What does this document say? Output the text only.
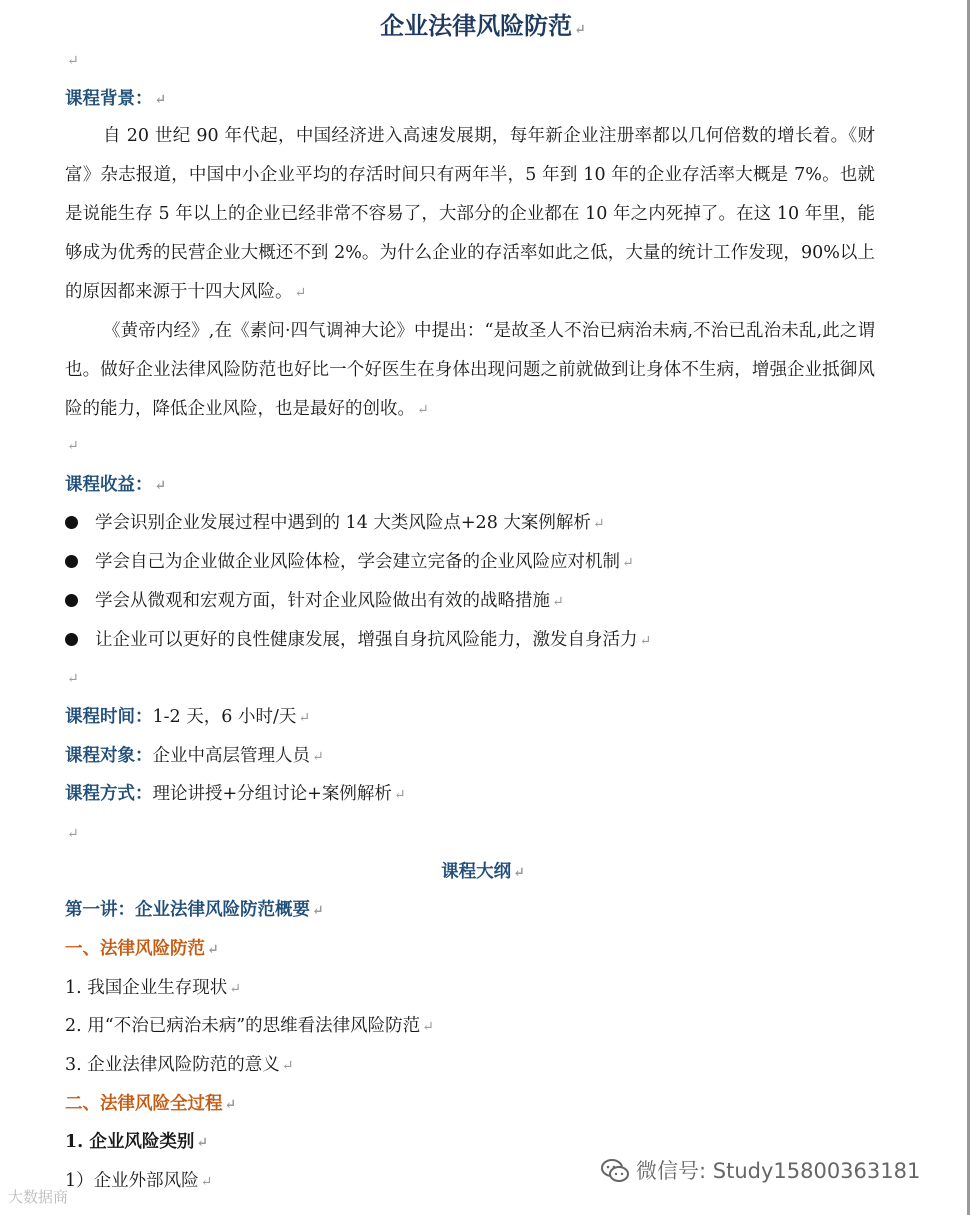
企业法律风险防范 ↵
↵
课程背景： ↵
自 20 世纪 90 年代起，中国经济进入高速发展期，每年新企业注册率都以几何倍数的增长着。《财富》杂志报道，中国中小企业平均的存活时间只有两年半，5 年到 10 年的企业存活率大概是 7%。也就是说能生存 5 年以上的企业已经非常不容易了，大部分的企业都在 10 年之内死掉了。在这 10 年里，能够成为优秀的民营企业大概还不到 2%。为什么企业的存活率如此之低，大量的统计工作发现，90%以上的原因都来源于十四大风险。 ↵
《黄帝内经》,在《素问·四气调神大论》中提出：“是故圣人不治已病治未病,不治已乱治未乱,此之谓也。做好企业法律风险防范也好比一个好医生在身体出现问题之前就做到让身体不生病，增强企业抵御风险的能力，降低企业风险，也是最好的创收。 ↵
↵
课程收益： ↵
学会识别企业发展过程中遇到的 14 大类风险点+28 大案例解析 ↵
学会自己为企业做企业风险体检，学会建立完备的企业风险应对机制 ↵
学会从微观和宏观方面，针对企业风险做出有效的战略措施 ↵
让企业可以更好的良性健康发展，增强自身抗风险能力，激发自身活力 ↵
↵
课程时间：1-2 天，6 小时/天 ↵
课程对象：企业中高层管理人员 ↵
课程方式：理论讲授+分组讨论+案例解析 ↵
↵
课程大纲 ↵
第一讲：企业法律风险防范概要 ↵
一、法律风险防范 ↵
1. 我国企业生存现状 ↵
2. 用“不治已病治未病”的思维看法律风险防范 ↵
3. 企业法律风险防范的意义 ↵
二、法律风险全过程 ↵
1. 企业风险类别 ↵
1）企业外部风险 ↵	微信号: Study15800363181
大数据商
